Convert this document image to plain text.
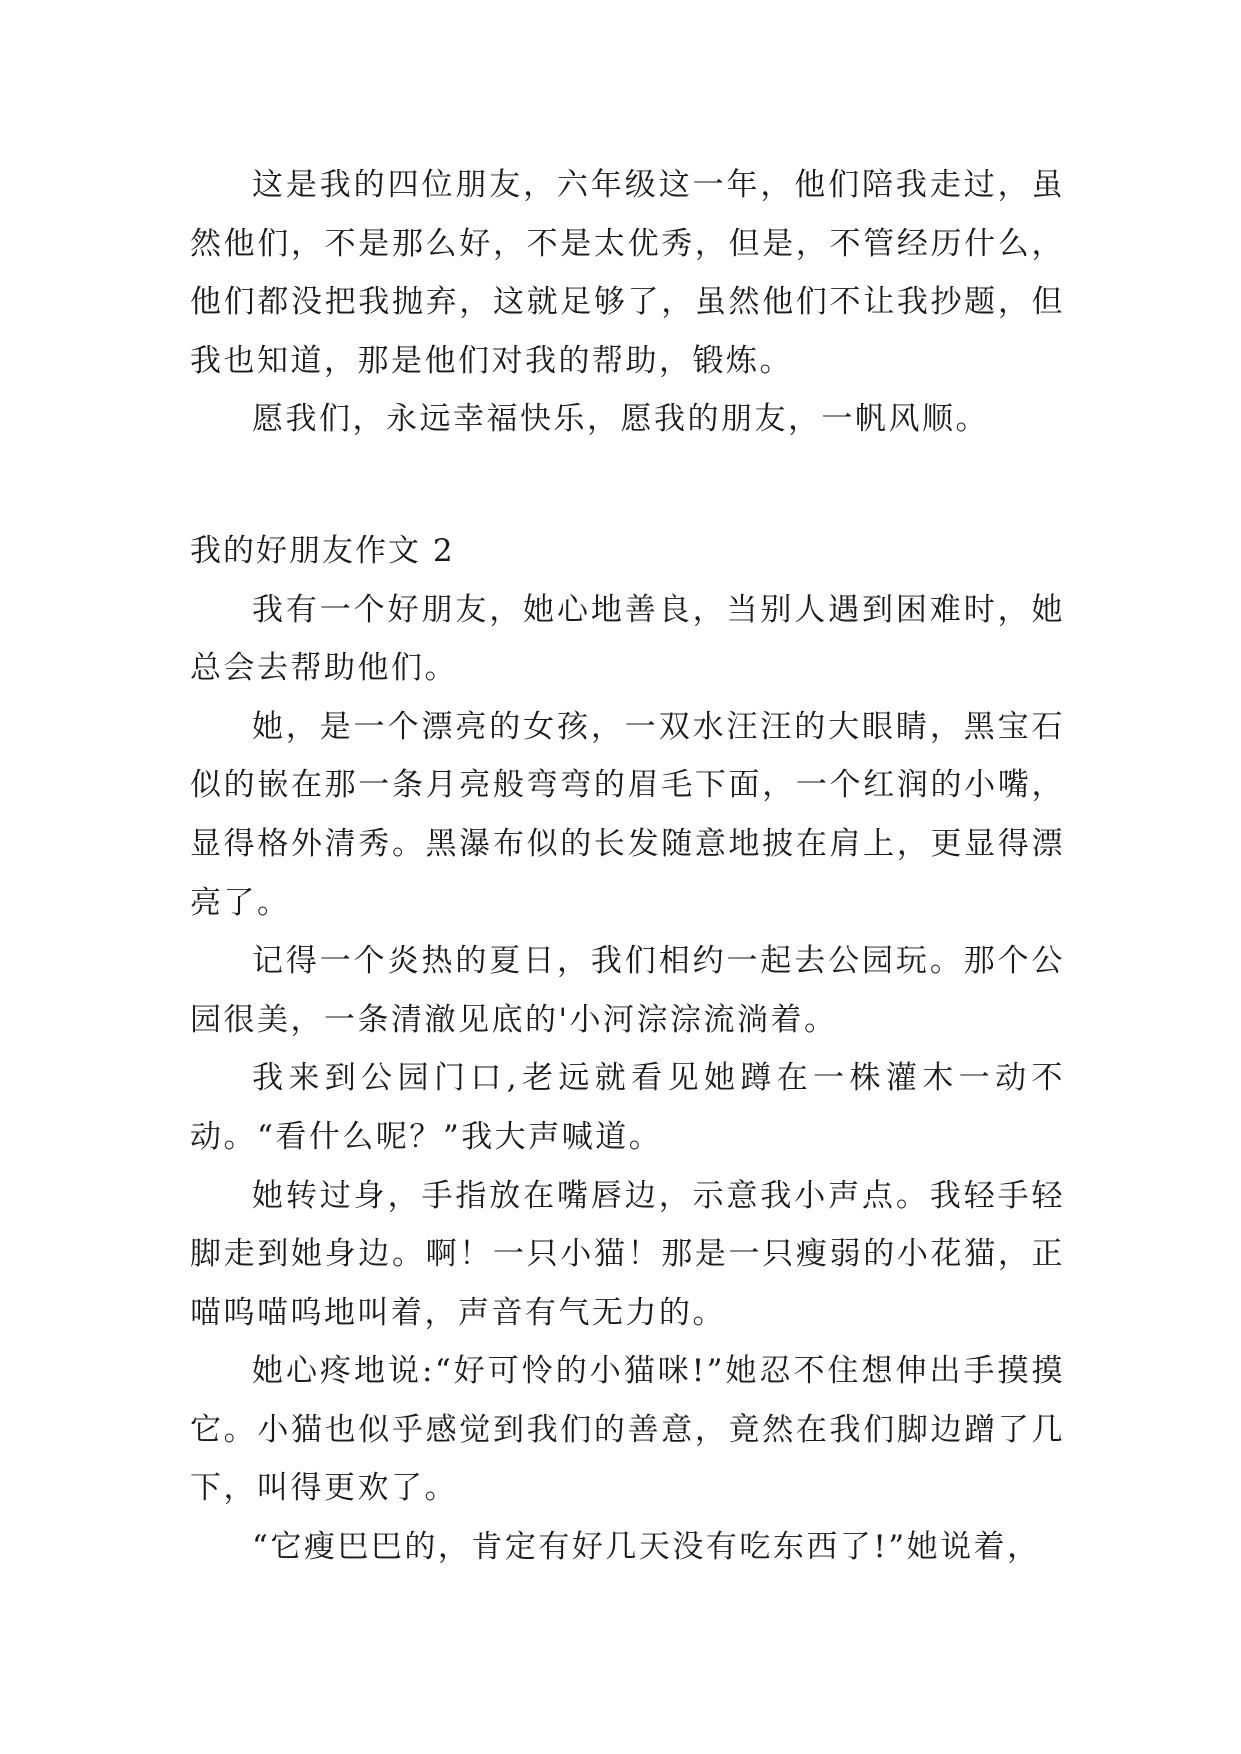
这是我的四位朋友，六年级这一年，他们陪我走过，虽然他们，不是那么好，不是太优秀，但是，不管经历什么，他们都没把我抛弃，这就足够了，虽然他们不让我抄题，但我也知道，那是他们对我的帮助，锻炼。

愿我们，永远幸福快乐，愿我的朋友，一帆风顺。

我的好朋友作文 2

我有一个好朋友，她心地善良，当别人遇到困难时，她总会去帮助他们。

她，是一个漂亮的女孩，一双水汪汪的大眼睛，黑宝石似的嵌在那一条月亮般弯弯的眉毛下面，一个红润的小嘴，显得格外清秀。黑瀑布似的长发随意地披在肩上，更显得漂亮了。

记得一个炎热的夏日，我们相约一起去公园玩。那个公园很美，一条清澈见底的'小河淙淙流淌着。

我来到公园门口,老远就看见她蹲在一株灌木一动不动。“看什么呢？”我大声喊道。

她转过身，手指放在嘴唇边，示意我小声点。我轻手轻脚走到她身边。啊！一只小猫！那是一只瘦弱的小花猫，正喵呜喵呜地叫着，声音有气无力的。

她心疼地说:“好可怜的小猫咪!”她忍不住想伸出手摸摸它。小猫也似乎感觉到我们的善意，竟然在我们脚边蹭了几下，叫得更欢了。

“它瘦巴巴的，肯定有好几天没有吃东西了!”她说着，
